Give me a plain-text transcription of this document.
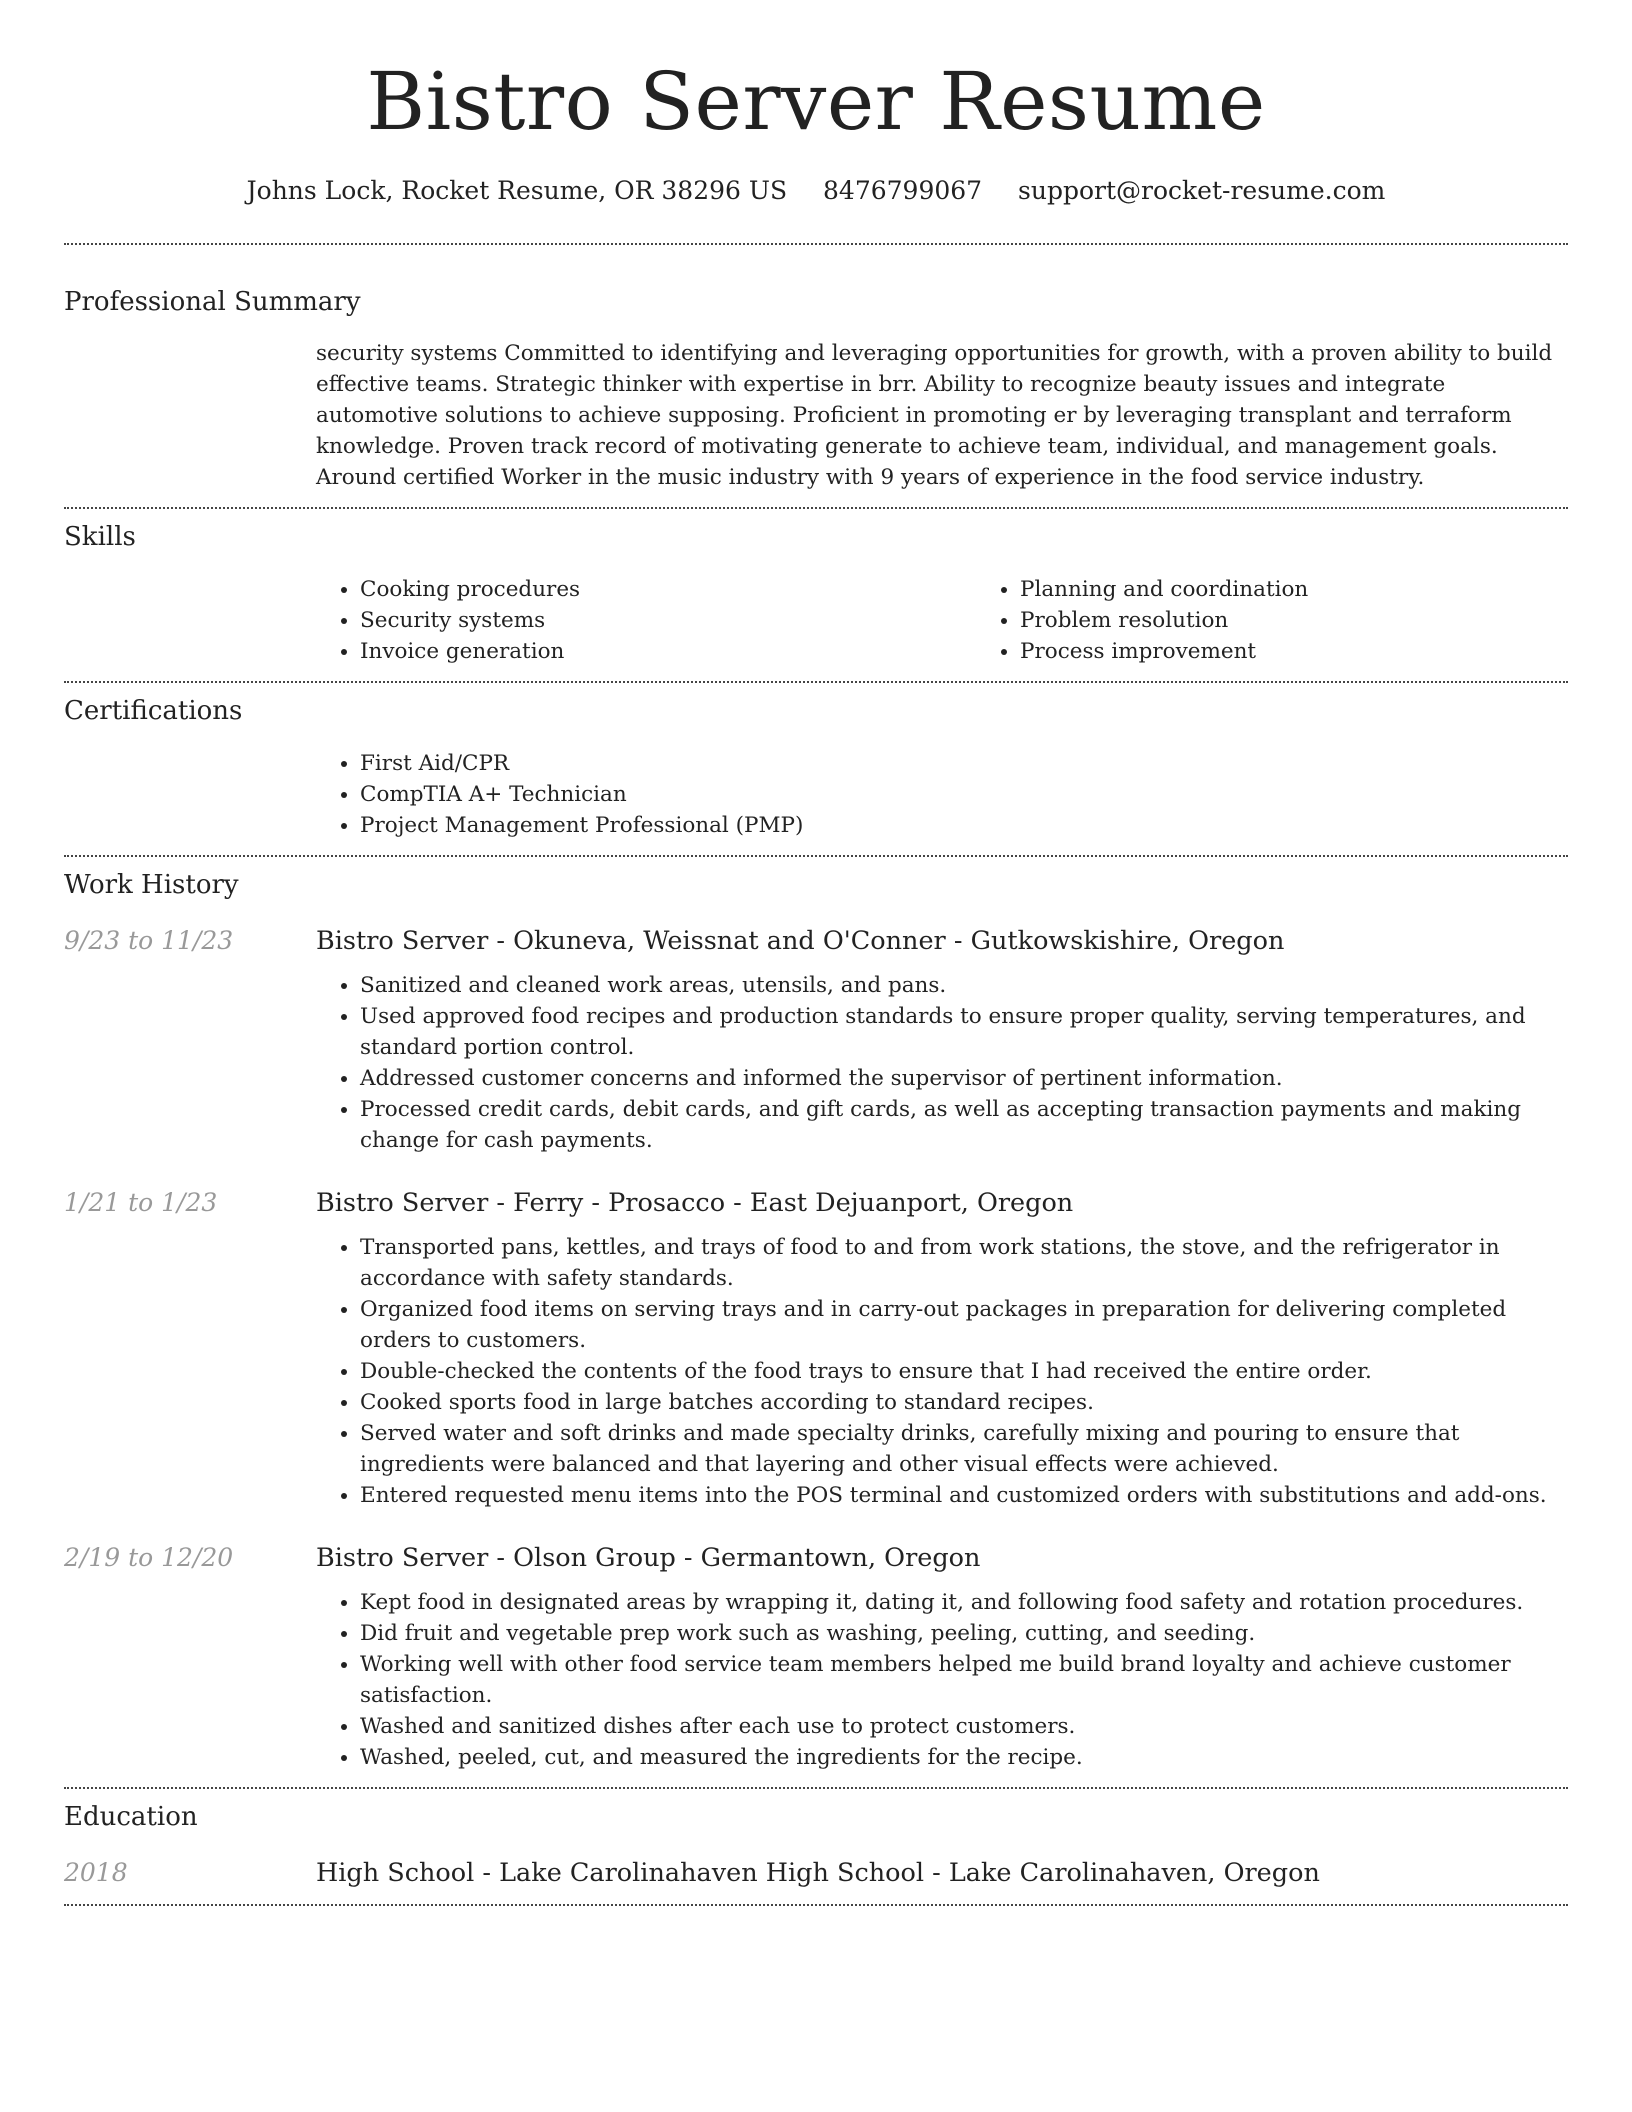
Bistro Server Resume
Johns Lock, Rocket Resume, OR 38296 US 8476799067 support@rocket-resume.com
Professional Summary

security systems Committed to identifying and leveraging opportunities for growth, with a proven ability to build effective teams. Strategic thinker with expertise in brr. Ability to recognize beauty issues and integrate automotive solutions to achieve supposing. Proficient in promoting er by leveraging transplant and terraform knowledge. Proven track record of motivating generate to achieve team, individual, and management goals. Around certified Worker in the music industry with 9 years of experience in the food service industry.

Skills
• Cooking procedures
• Security systems
• Invoice generation
• Planning and coordination
• Problem resolution
• Process improvement
Certifications
• First Aid/CPR
• CompTIA A+ Technician
• Project Management Professional (PMP)
Work History
9/23 to 11/23	Bistro Server - Okuneva, Weissnat and O'Conner - Gutkowskishire, Oregon
• Sanitized and cleaned work areas, utensils, and pans.
• Used approved food recipes and production standards to ensure proper quality, serving temperatures, and standard portion control.
• Addressed customer concerns and informed the supervisor of pertinent information.
• Processed credit cards, debit cards, and gift cards, as well as accepting transaction payments and making change for cash payments.
1/21 to 1/23	Bistro Server - Ferry - Prosacco - East Dejuanport, Oregon
• Transported pans, kettles, and trays of food to and from work stations, the stove, and the refrigerator in accordance with safety standards.
• Organized food items on serving trays and in carry-out packages in preparation for delivering completed orders to customers.
• Double-checked the contents of the food trays to ensure that I had received the entire order.
• Cooked sports food in large batches according to standard recipes.
• Served water and soft drinks and made specialty drinks, carefully mixing and pouring to ensure that ingredients were balanced and that layering and other visual effects were achieved.
• Entered requested menu items into the POS terminal and customized orders with substitutions and add-ons.
2/19 to 12/20	Bistro Server - Olson Group - Germantown, Oregon
• Kept food in designated areas by wrapping it, dating it, and following food safety and rotation procedures.
• Did fruit and vegetable prep work such as washing, peeling, cutting, and seeding.
• Working well with other food service team members helped me build brand loyalty and achieve customer satisfaction.
• Washed and sanitized dishes after each use to protect customers.
• Washed, peeled, cut, and measured the ingredients for the recipe.
Education
2018	High School - Lake Carolinahaven High School - Lake Carolinahaven, Oregon
